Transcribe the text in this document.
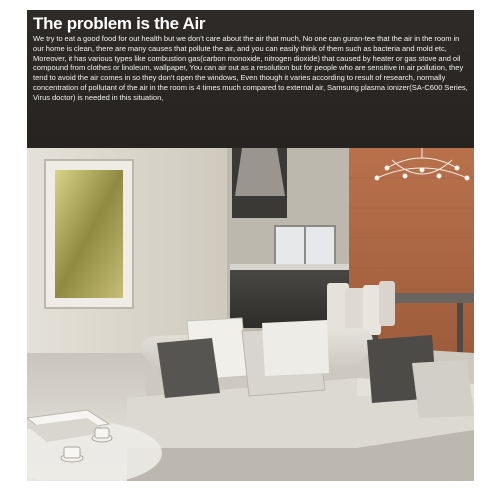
The problem is the Air

We try to eat a good food for out health but we don't care about the air that much, No one can guran-tee that the air in the room in our home is clean, there are many causes that pollute the air, and you can easily think of them such as bacteria and mold etc, Moreover, it has various types like combustion gas(carbon monoxide, nitrogen dioxide) that caused by heater or gas stove and oil compound from clothes or linoleum, wallpaper, You can air out as a resolution but for people who are sensitive in air pollution, they tend to avoid the air comes in so they don't open the windows, Even though it varies according to result of research, normally concentration of pollutant of the air in the room is 4 times much compared to external air, Samsung plasma ionizer(SA-C600 Series, Virus doctor) is needed in this situation,
